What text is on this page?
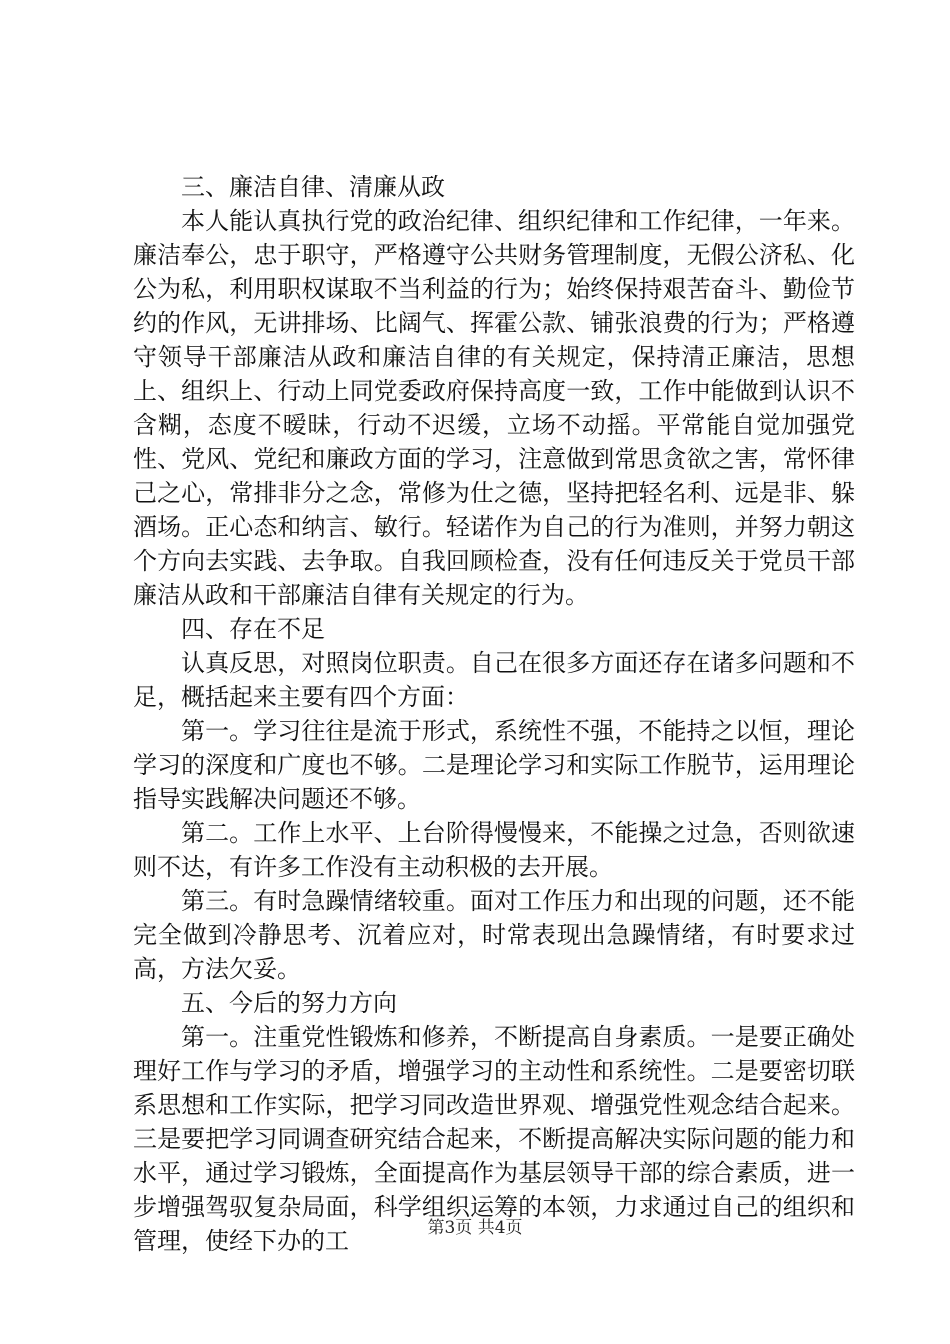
三、廉洁自律、清廉从政

本人能认真执行党的政治纪律、组织纪律和工作纪律，一年来。廉洁奉公，忠于职守，严格遵守公共财务管理制度，无假公济私、化公为私，利用职权谋取不当利益的行为；始终保持艰苦奋斗、勤俭节约的作风，无讲排场、比阔气、挥霍公款、铺张浪费的行为；严格遵守领导干部廉洁从政和廉洁自律的有关规定，保持清正廉洁，思想上、组织上、行动上同党委政府保持高度一致，工作中能做到认识不含糊，态度不暧昧，行动不迟缓，立场不动摇。平常能自觉加强党性、党风、党纪和廉政方面的学习，注意做到常思贪欲之害，常怀律己之心，常排非分之念，常修为仕之德，坚持把轻名利、远是非、躲酒场。正心态和纳言、敏行。轻诺作为自己的行为准则，并努力朝这个方向去实践、去争取。自我回顾检查，没有任何违反关于党员干部廉洁从政和干部廉洁自律有关规定的行为。

四、存在不足

认真反思，对照岗位职责。自己在很多方面还存在诸多问题和不足，概括起来主要有四个方面：

第一。学习往往是流于形式，系统性不强，不能持之以恒，理论学习的深度和广度也不够。二是理论学习和实际工作脱节，运用理论指导实践解决问题还不够。

第二。工作上水平、上台阶得慢慢来，不能操之过急，否则欲速则不达，有许多工作没有主动积极的去开展。

第三。有时急躁情绪较重。面对工作压力和出现的问题，还不能完全做到冷静思考、沉着应对，时常表现出急躁情绪，有时要求过高，方法欠妥。

五、今后的努力方向

第一。注重党性锻炼和修养，不断提高自身素质。一是要正确处理好工作与学习的矛盾，增强学习的主动性和系统性。二是要密切联系思想和工作实际，把学习同改造世界观、增强党性观念结合起来。三是要把学习同调查研究结合起来，不断提高解决实际问题的能力和水平，通过学习锻炼，全面提高作为基层领导干部的综合素质，进一步增强驾驭复杂局面，科学组织运筹的本领，力求通过自己的组织和管理，使经下办的工	第3页 共4页
